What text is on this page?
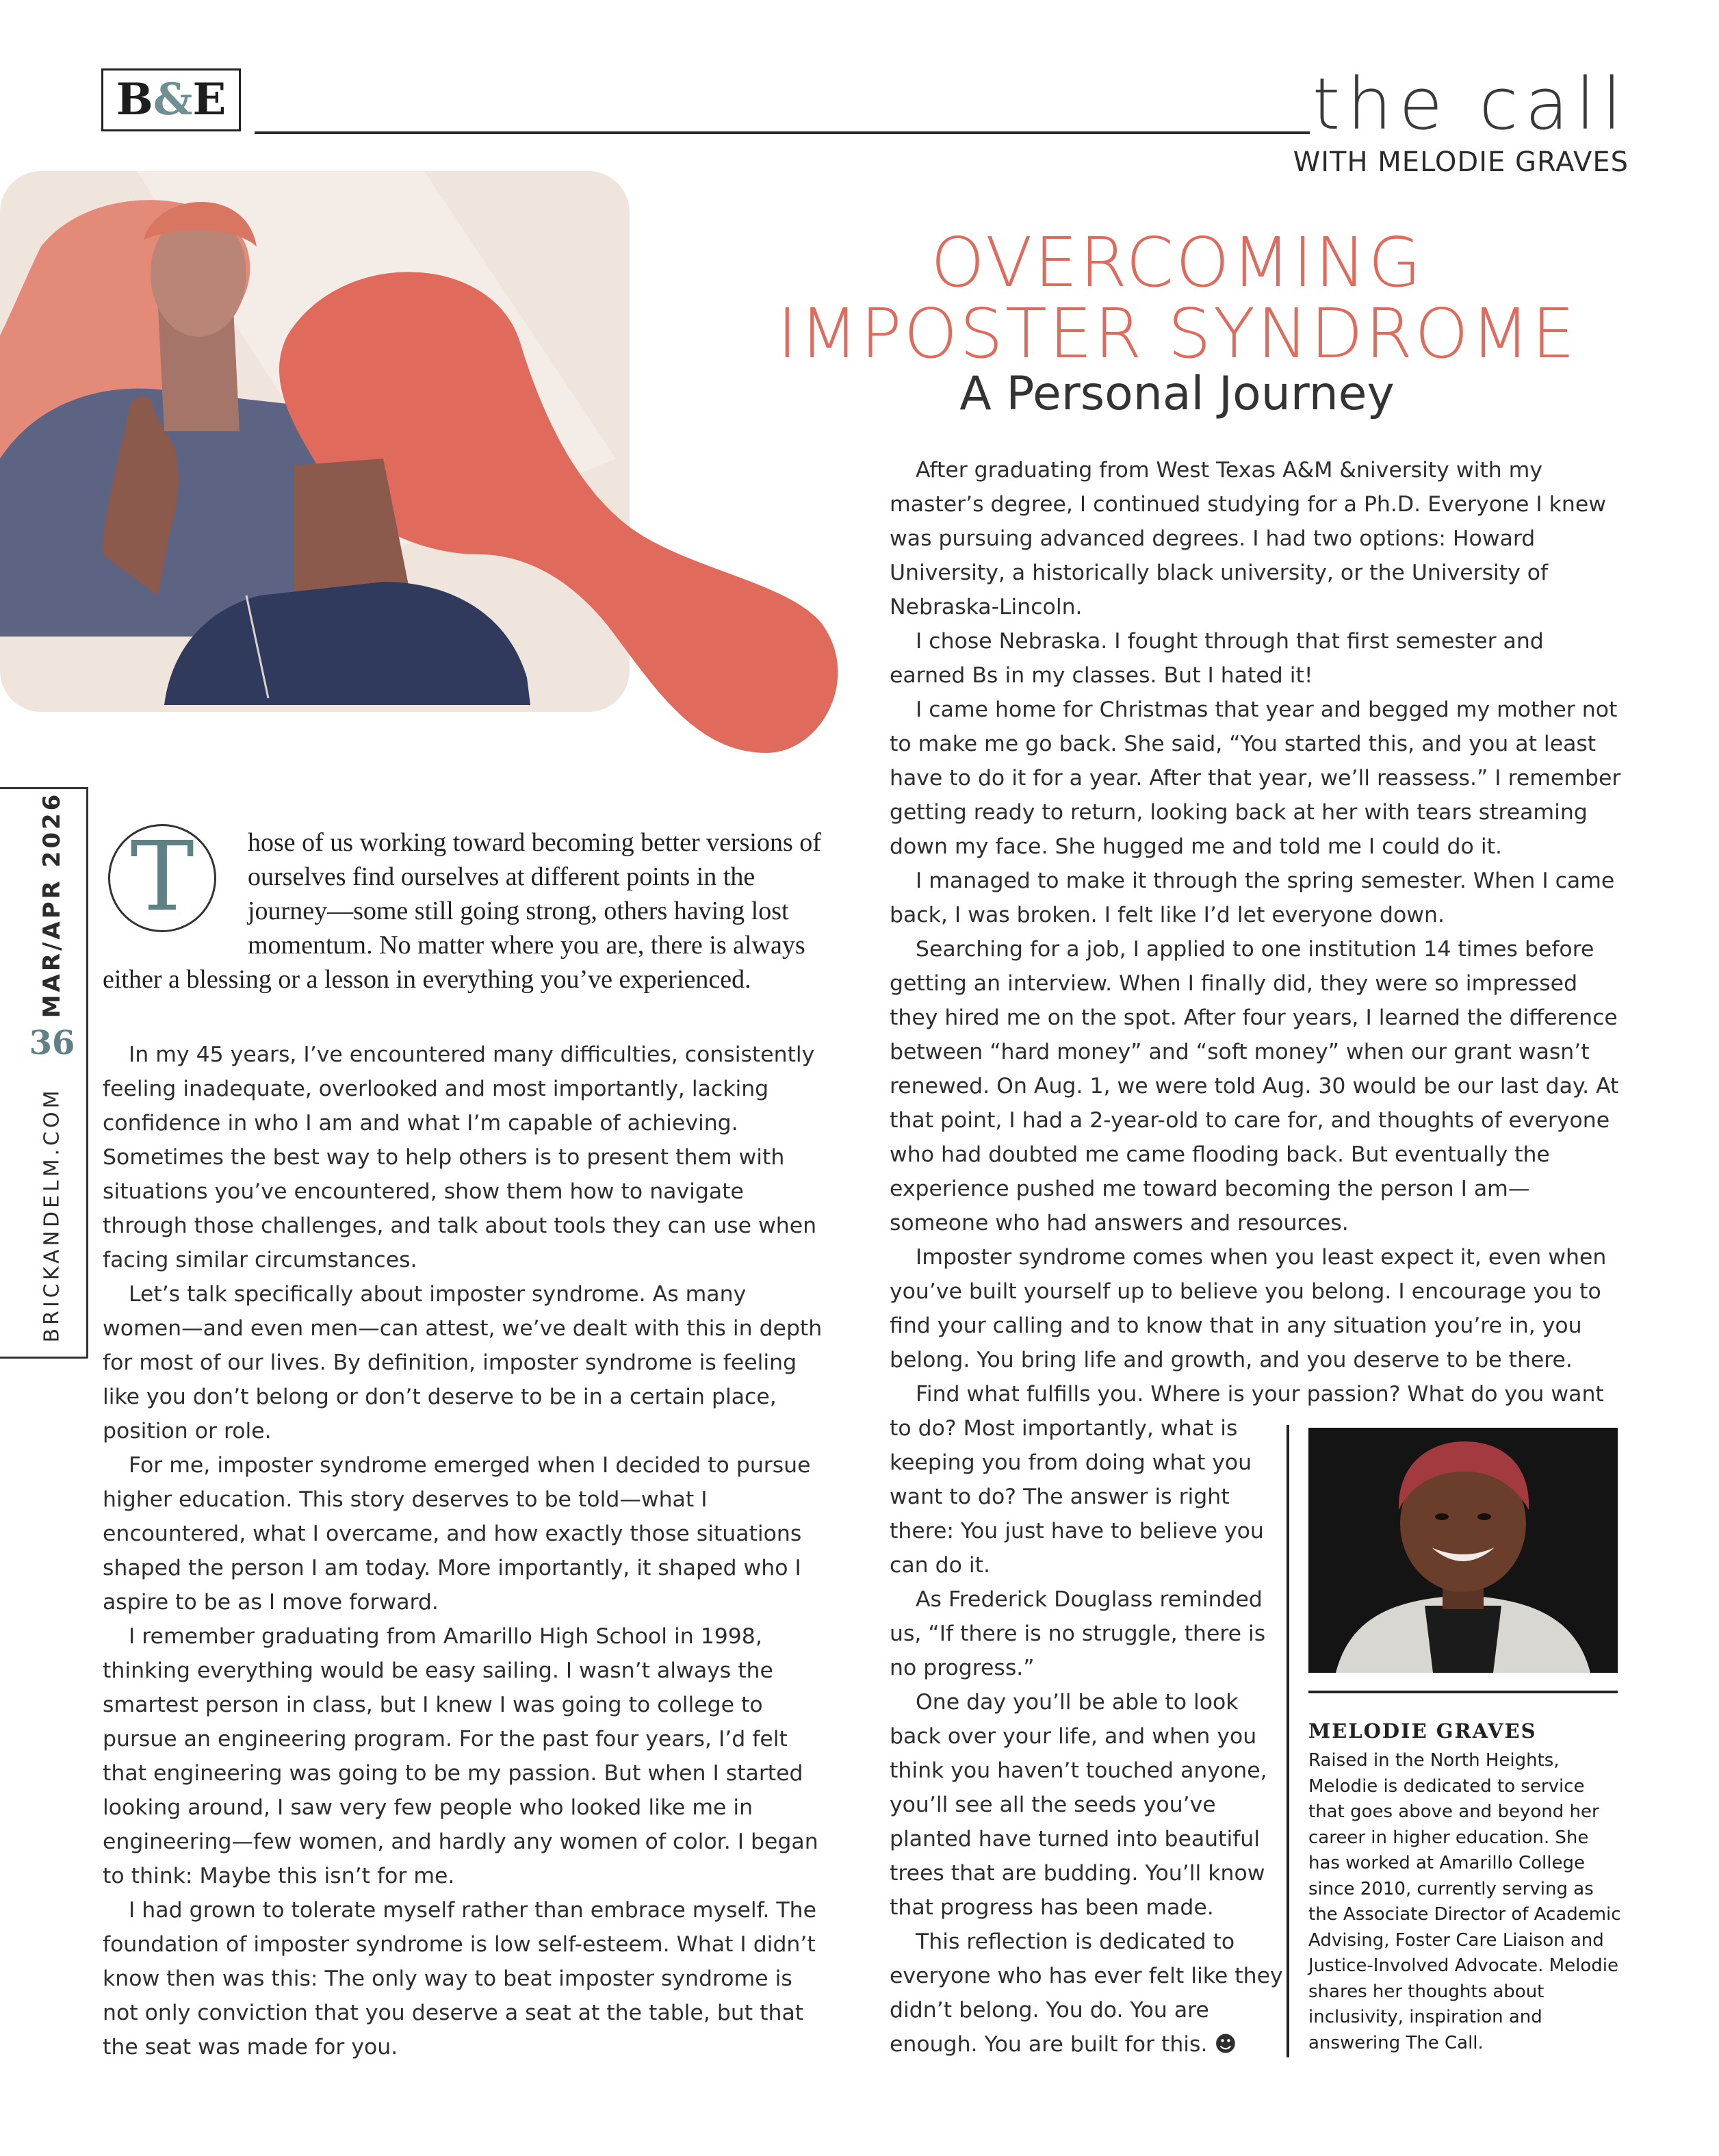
B&E	the call
WITH MELODIE GRAVES
OVERCOMING
IMPOSTER SYNDROME
A Personal Journey
MAR/APR 2026
36
BRICKANDELM.COM
T	hose of us working toward becoming better versions of
ourselves find ourselves at different points in the
journey—some still going strong, others having lost
momentum. No matter where you are, there is always
either a blessing or a lesson in everything you’ve experienced.

In my 45 years, I’ve encountered many difficulties, consistently feeling inadequate, overlooked and most importantly, lacking confidence in who I am and what I’m capable of achieving. Sometimes the best way to help others is to present them with situations you’ve encountered, show them how to navigate through those challenges, and talk about tools they can use when facing similar circumstances.

Let’s talk specifically about imposter syndrome. As many women—and even men—can attest, we’ve dealt with this in depth for most of our lives. By definition, imposter syndrome is feeling like you don’t belong or don’t deserve to be in a certain place, position or role.

For me, imposter syndrome emerged when I decided to pursue higher education. This story deserves to be told—what I encountered, what I overcame, and how exactly those situations shaped the person I am today. More importantly, it shaped who I aspire to be as I move forward.

I remember graduating from Amarillo High School in 1998, thinking everything would be easy sailing. I wasn’t always the smartest person in class, but I knew I was going to college to pursue an engineering program. For the past four years, I’d felt that engineering was going to be my passion. But when I started looking around, I saw very few people who looked like me in engineering—few women, and hardly any women of color. I began to think: Maybe this isn’t for me.

I had grown to tolerate myself rather than embrace myself. The foundation of imposter syndrome is low self-esteem. What I didn’t know then was this: The only way to beat imposter syndrome is not only conviction that you deserve a seat at the table, but that the seat was made for you.

After graduating from West Texas A&M &niversity with my master’s degree, I continued studying for a Ph.D. Everyone I knew was pursuing advanced degrees. I had two options: Howard University, a historically black university, or the University of Nebraska-Lincoln.

I chose Nebraska. I fought through that first semester and earned Bs in my classes. But I hated it!

I came home for Christmas that year and begged my mother not to make me go back. She said, “You started this, and you at least have to do it for a year. After that year, we’ll reassess.” I remember getting ready to return, looking back at her with tears streaming down my face. She hugged me and told me I could do it.

I managed to make it through the spring semester. When I came back, I was broken. I felt like I’d let everyone down.

Searching for a job, I applied to one institution 14 times before getting an interview. When I finally did, they were so impressed they hired me on the spot. After four years, I learned the difference between “hard money” and “soft money” when our grant wasn’t renewed. On Aug. 1, we were told Aug. 30 would be our last day. At that point, I had a 2-year-old to care for, and thoughts of everyone who had doubted me came flooding back. But eventually the experience pushed me toward becoming the person I am—someone who had answers and resources.

Imposter syndrome comes when you least expect it, even when you’ve built yourself up to believe you belong. I encourage you to find your calling and to know that in any situation you’re in, you belong. You bring life and growth, and you deserve to be there.

Find what fulfills you. Where is your passion? What do you want

to do? Most importantly, what is keeping you from doing what you want to do? The answer is right there: You just have to believe you can do it.

As Frederick Douglass reminded us, “If there is no struggle, there is no progress.”

One day you’ll be able to look back over your life, and when you think you haven’t touched anyone, you’ll see all the seeds you’ve planted have turned into beautiful trees that are budding. You’ll know that progress has been made.

This reflection is dedicated to everyone who has ever felt like they didn’t belong. You do. You are enough. You are built for this. ☻

MELODIE GRAVES
Raised in the North Heights, Melodie is dedicated to service that goes above and beyond her career in higher education. She has worked at Amarillo College since 2010, currently serving as the Associate Director of Academic Advising, Foster Care Liaison and Justice-Involved Advocate. Melodie shares her thoughts about inclusivity, inspiration and answering The Call.
